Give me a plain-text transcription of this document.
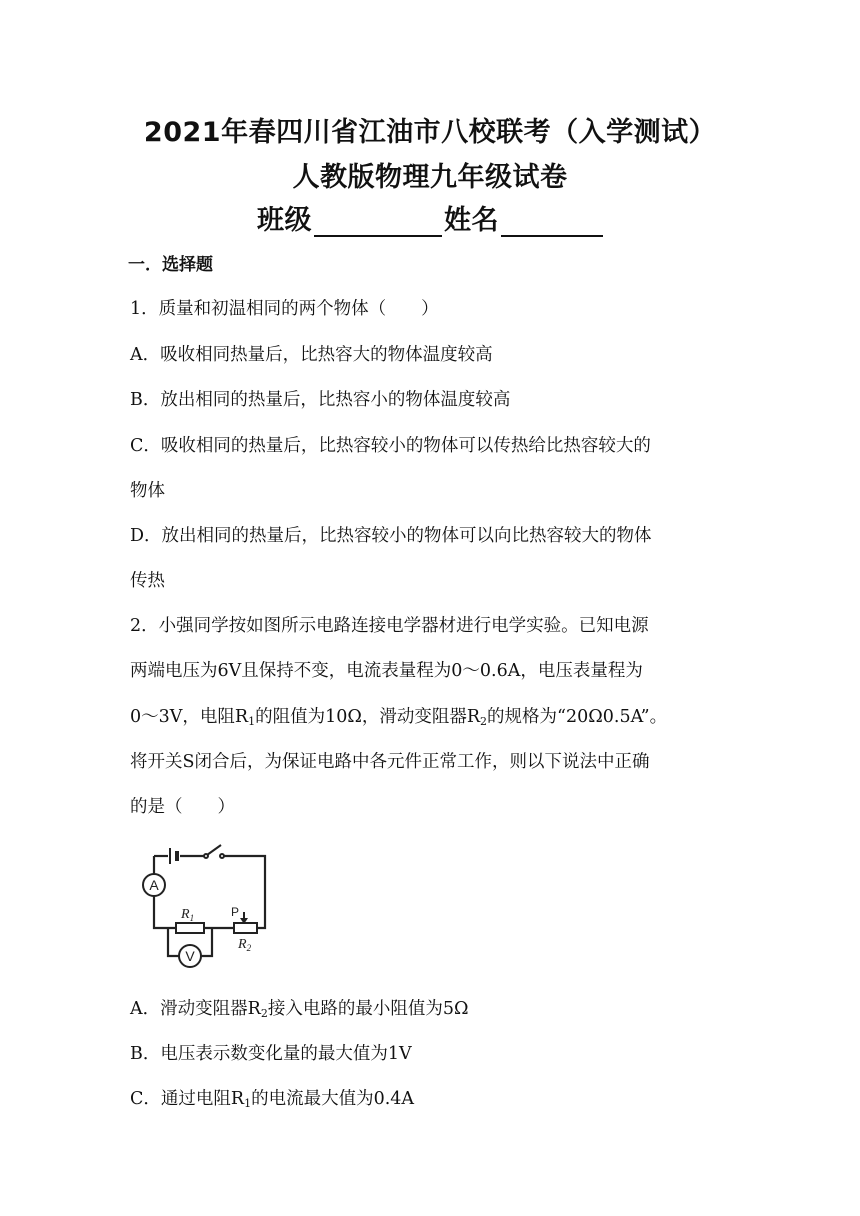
2021年春四川省江油市八校联考（入学测试）
人教版物理九年级试卷
班级	姓名
一．选择题
1．质量和初温相同的两个物体（　　）
A．吸收相同热量后，比热容大的物体温度较高
B．放出相同的热量后，比热容小的物体温度较高
C．吸收相同的热量后，比热容较小的物体可以传热给比热容较大的
物体
D．放出相同的热量后，比热容较小的物体可以向比热容较大的物体
传热
2．小强同学按如图所示电路连接电学器材进行电学实验。已知电源
两端电压为6V且保持不变，电流表量程为0～0.6A，电压表量程为
0～3V，电阻$R_1$的阻值为10Ω，滑动变阻器$R_2$的规格为“20Ω0.5A”。
将开关S闭合后，为保证电路中各元件正常工作，则以下说法中正确
的是（　　）
A
$R_1$	P
$R_2$
V
A．滑动变阻器$R_2$接入电路的最小阻值为5Ω
B．电压表示数变化量的最大值为1V
C．通过电阻$R_1$的电流最大值为0.4A
